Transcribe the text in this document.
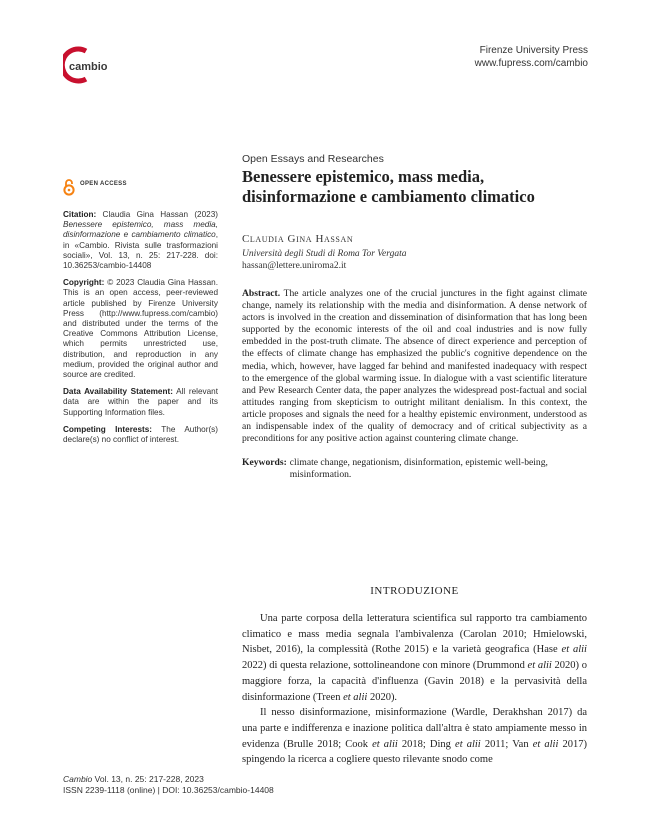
cambio
Firenze University Press
www.fupress.com/cambio
OPEN ACCESS

Citation: Claudia Gina Hassan (2023) Benessere epistemico, mass media, disinformazione e cambiamento climatico, in «Cambio. Rivista sulle trasformazioni sociali», Vol. 13, n. 25: 217-228. doi: 10.36253/cambio-14408

Copyright: © 2023 Claudia Gina Hassan. This is an open access, peer-reviewed article published by Firenze University Press (http://www.fupress.com/cambio) and distributed under the terms of the Creative Commons Attribution License, which permits unrestricted use, distribution, and reproduction in any medium, provided the original author and source are credited.

Data Availability Statement: All relevant data are within the paper and its Supporting Information files.

Competing Interests: The Author(s) declare(s) no conflict of interest.

Open Essays and Researches
Benessere epistemico, mass media, disinformazione e cambiamento climatico
Claudia Gina Hassan
Università degli Studi di Roma Tor Vergata
hassan@lettere.uniroma2.it

Abstract. The article analyzes one of the crucial junctures in the fight against climate change, namely its relationship with the media and disinformation. A dense network of actors is involved in the creation and dissemination of disinformation that has long been supported by the economic interests of the oil and coal industries and is now fully embedded in the post-truth climate. The absence of direct experience and perception of the effects of climate change has emphasized the public's cognitive dependence on the media, which, however, have lagged far behind and manifested inadequacy with respect to the emergence of the global warming issue. In dialogue with a vast scientific literature and Pew Research Center data, the paper analyzes the widespread post-factual and social attitudes ranging from skepticism to outright militant denialism. In this context, the article proposes and signals the need for a healthy epistemic environment, understood as an indispensable index of the quality of democracy and of critical subjectivity as a preconditions for any positive action against countering climate change.

Keywords: climate change, negationism, disinformation, epistemic well-being, misinformation.
INTRODUZIONE

Una parte corposa della letteratura scientifica sul rapporto tra cambiamento climatico e mass media segnala l'ambivalenza (Carolan 2010; Hmielowski, Nisbet, 2016), la complessità (Rothe 2015) e la varietà geografica (Hase et alii 2022) di questa relazione, sottolineandone con minore (Drummond et alii 2020) o maggiore forza, la capacità d'influenza (Gavin 2018) e la pervasività della disinformazione (Treen et alii 2020).

Il nesso disinformazione, misinformazione (Wardle, Derakhshan 2017) da una parte e indifferenza e inazione politica dall'altra è stato ampiamente messo in evidenza (Brulle 2018; Cook et alii 2018; Ding et alii 2011; Van et alii 2017) spingendo la ricerca a cogliere questo rilevante snodo come

Cambio Vol. 13, n. 25: 217-228, 2023
ISSN 2239-1118 (online) | DOI: 10.36253/cambio-14408
